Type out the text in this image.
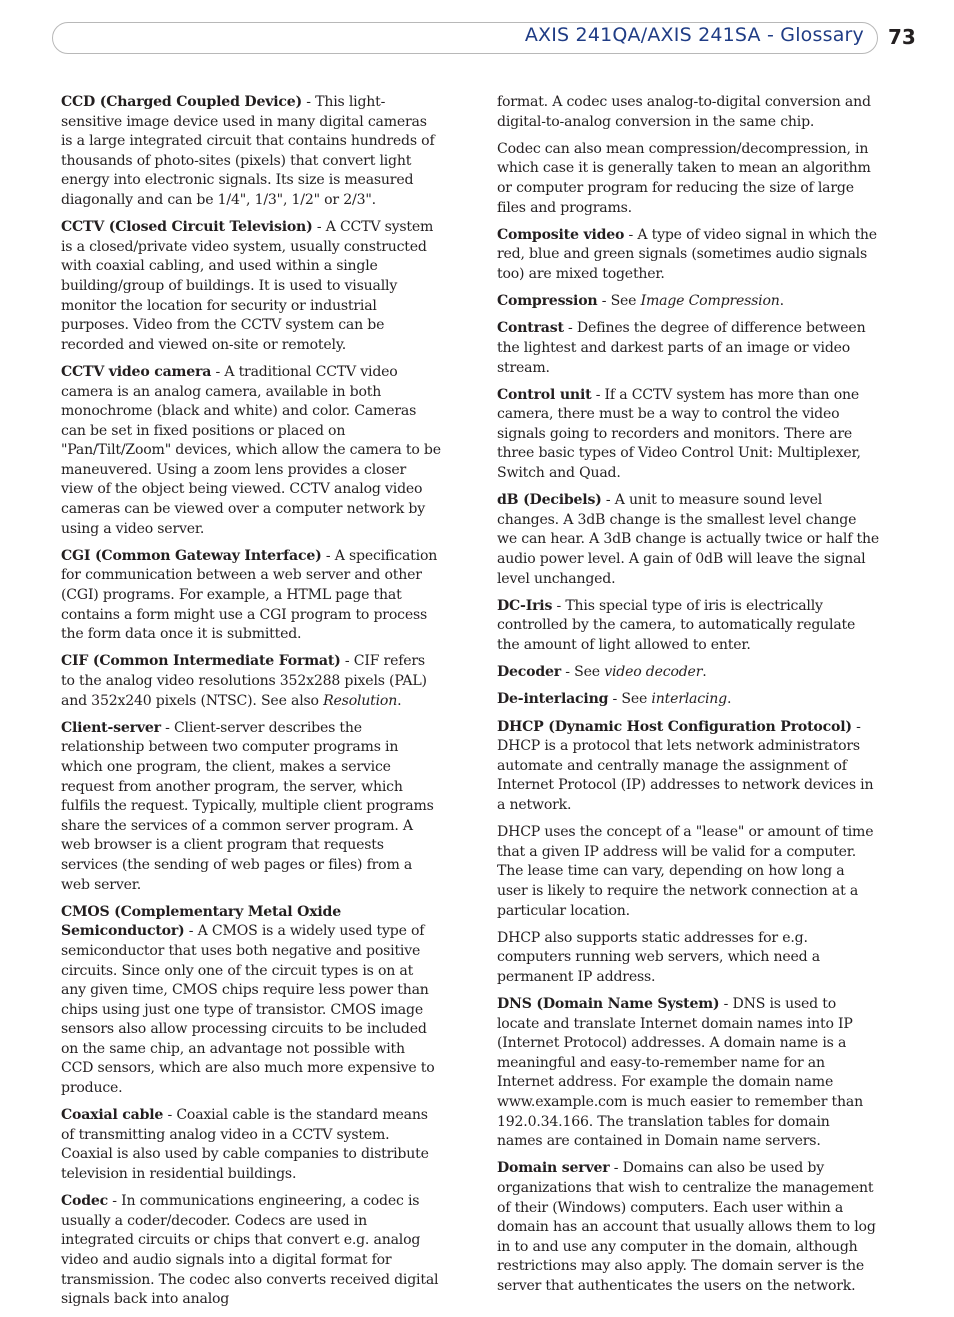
AXIS 241QA/AXIS 241SA - Glossary 73

CCD (Charged Coupled Device) - This light-sensitive image device used in many digital cameras is a large integrated circuit that contains hundreds of thousands of photo-sites (pixels) that convert light energy into electronic signals. Its size is measured diagonally and can be 1/4", 1/3", 1/2" or 2/3".

CCTV (Closed Circuit Television) - A CCTV system is a closed/private video system, usually constructed with coaxial cabling, and used within a single building/group of buildings. It is used to visually monitor the location for security or industrial purposes. Video from the CCTV system can be recorded and viewed on-site or remotely.

CCTV video camera - A traditional CCTV video camera is an analog camera, available in both monochrome (black and white) and color. Cameras can be set in fixed positions or placed on "Pan/Tilt/Zoom" devices, which allow the camera to be maneuvered. Using a zoom lens provides a closer view of the object being viewed. CCTV analog video cameras can be viewed over a computer network by using a video server.

CGI (Common Gateway Interface) - A specification for communication between a web server and other (CGI) programs. For example, a HTML page that contains a form might use a CGI program to process the form data once it is submitted.

CIF (Common Intermediate Format) - CIF refers to the analog video resolutions 352x288 pixels (PAL) and 352x240 pixels (NTSC). See also Resolution.

Client-server - Client-server describes the relationship between two computer programs in which one program, the client, makes a service request from another program, the server, which fulfils the request. Typically, multiple client programs share the services of a common server program. A web browser is a client program that requests services (the sending of web pages or files) from a web server.

CMOS (Complementary Metal Oxide Semiconductor) - A CMOS is a widely used type of semiconductor that uses both negative and positive circuits. Since only one of the circuit types is on at any given time, CMOS chips require less power than chips using just one type of transistor. CMOS image sensors also allow processing circuits to be included on the same chip, an advantage not possible with CCD sensors, which are also much more expensive to produce.

Coaxial cable - Coaxial cable is the standard means of transmitting analog video in a CCTV system. Coaxial is also used by cable companies to distribute television in residential buildings.

Codec - In communications engineering, a codec is usually a coder/decoder. Codecs are used in integrated circuits or chips that convert e.g. analog video and audio signals into a digital format for transmission. The codec also converts received digital signals back into analog

format. A codec uses analog-to-digital conversion and digital-to-analog conversion in the same chip.

Codec can also mean compression/decompression, in which case it is generally taken to mean an algorithm or computer program for reducing the size of large files and programs.

Composite video - A type of video signal in which the red, blue and green signals (sometimes audio signals too) are mixed together.

Compression - See Image Compression.

Contrast - Defines the degree of difference between the lightest and darkest parts of an image or video stream.

Control unit - If a CCTV system has more than one camera, there must be a way to control the video signals going to recorders and monitors. There are three basic types of Video Control Unit: Multiplexer, Switch and Quad.

dB (Decibels) - A unit to measure sound level changes. A 3dB change is the smallest level change we can hear. A 3dB change is actually twice or half the audio power level. A gain of 0dB will leave the signal level unchanged.

DC-Iris - This special type of iris is electrically controlled by the camera, to automatically regulate the amount of light allowed to enter.

Decoder - See video decoder.

De-interlacing - See interlacing.

DHCP (Dynamic Host Configuration Protocol) - DHCP is a protocol that lets network administrators automate and centrally manage the assignment of Internet Protocol (IP) addresses to network devices in a network.

DHCP uses the concept of a "lease" or amount of time that a given IP address will be valid for a computer. The lease time can vary, depending on how long a user is likely to require the network connection at a particular location.

DHCP also supports static addresses for e.g. computers running web servers, which need a permanent IP address.

DNS (Domain Name System) - DNS is used to locate and translate Internet domain names into IP (Internet Protocol) addresses. A domain name is a meaningful and easy-to-remember name for an Internet address. For example the domain name www.example.com is much easier to remember than 192.0.34.166. The translation tables for domain names are contained in Domain name servers.

Domain server - Domains can also be used by organizations that wish to centralize the management of their (Windows) computers. Each user within a domain has an account that usually allows them to log in to and use any computer in the domain, although restrictions may also apply. The domain server is the server that authenticates the users on the network.
